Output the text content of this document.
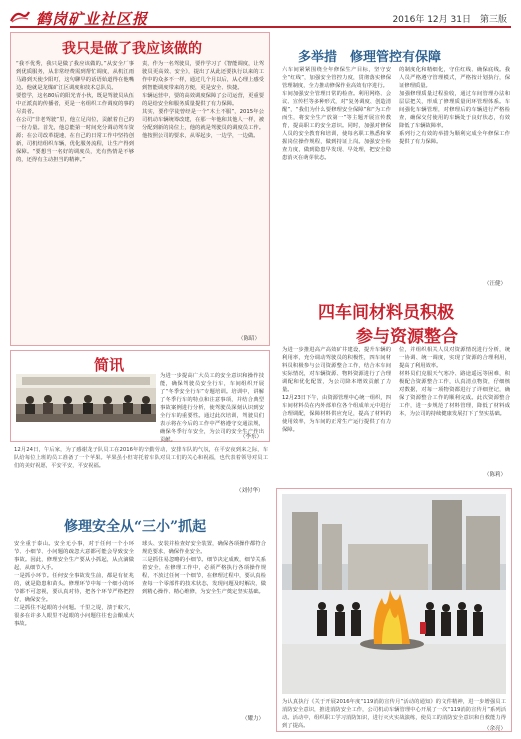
鹤岗矿业社区报	2016年 12月 31日　 第三版
我只是做了我应该做的
“我不优秀，我只是做了我应该做的。”从安全厂事到优质服务，从非常经费需到帮忙调度，从机江雨马路到天使少阳叮，这句聊早的话语始道得在他嘴边。他就是龙煤矿江区调度和技术总队员。
要偿学，这名80后的阳光青小伙，既是驾驶员从伍中正派真的传播者，更是一名组织工作调度的事的尽责者。
在公司“非老驾驶”里，他立足岗位，贡献着自己的一份力量。首先，他总能第一时间充分调动驾车资源；在公司改革提速，在自己的日常工作中坚持创新，司机结组织车辆，优化服务流程，让生产得到保障。“要想当一名好的调度员，光有热情是不够的，还得有主动担当的精神。”
责，作为一名驾驶员，要作学习了《智能调度，让驾驶员更高效、安全》，提出了从此还要执行以来的工作中的众多不一样，通过几个月以后，从心理上感受到智能调度带来的方便，更是安全、快捷。
车辆运营中，要的高效调度保障了公司运营，更重要的是给安全和服务质量提供了有力保障。
其实，要作学徒曾经是一个“木土不服”，2015年公司机动车辆统筹改建，在那一年他和其他人一样，被分配到新的岗位上，他的就是驾驶员的调度员工作。他按照公司的要求，从零起步，一边学，一边做。
（陈昭）
多举措　修理管控有保障
六车间紧紧围绕全年修保生产目标，坚守安全“红线”，加强安全管控力度，贯彻落实修保管理制度，全力推动修保作业高效有序进行。
车间加强安全管理日常的检查。利用网络、会议、宣传栏等多种形式，对“复务调度、创造清醒”，“我们为什么要修理安全保障”和“为工作而生，将安全生产放第一”等主题开展宣传教育，提高职工的安全意识。同时，加强对修保人员的安全教育和培训，使每名职工熟悉和掌握岗位操作规程，做到持证上岗。加强安全检查力度，做到隐患早发现、早处理，把安全隐患消灭在萌芽状态。
的制度化和精细化，守住红线、确保底线。我人员严格遵守管理模式，严格按计划执行，保证修理质量。
加强修理质量过程验收，通过车间管理办法和层层把关，形成了修理质量闭环管理体系。车间强化车辆管理，对修理后的车辆进行严格检查，确保交付使用的车辆处于良好状态，有效降低了车辆故障率。
系列行之有效的举措为顺利完成全年修保工作提供了有力保障。
（汪健）
四车间材料员积极
参与资源整合
简讯
为进一步提高广大员工的安全意识和操作技能，确保驾驶员安全行车，车间组织开展了“冬季安全行车”专题培训。培训中，讲解了冬季行车的特点和注意事项，并结合典型事故案例进行分析，使驾驶员深刻认识到安全行车的重要性。通过此次培训，驾驶员们表示将在今后的工作中严格遵守交通法规，确保冬季行车安全，为公司的安全生产作出贡献。	（李东）
12月24日，午后家，为了感谢龙子队员工在2016年的辛勤劳动，安排车队的气氛，在平安夜到来之际，车队给每位上班的员工准备了一个苹果。苹果虽小但寄托着车队对员工们的关心和祝福，也代表着领导对员工们的美好祝愿，平安平安，平安祝福。
（刘付华）
为进一步推进高产高效矿井建设，提升车辆的利用率，充分调动驾驶员的积极性，四车间材料员积极参与公司资源整合工作，结合本车间实际情况，对车辆资源、物料资源进行了合理调配和优化配置，为公司降本增效贡献了力量。
12月23日下午，由资源管理中心统一组织，四车间材料员在内外部单位各个组成单元中进行合理调配，保障材料供应充足，提高了材料的使用效率，为车间的正常生产运行提供了有力保障。
位，并组织相关人员对资源情况进行分析，统一协调、统一调度，实现了资源的合理利用，提高了利用效率。
材料员们克服天气寒冷、路途遥远等困难，积极配合资源整合工作，认真清点物资，仔细核对数据，对每一项物资都进行了详细登记，确保了资源整合工作的顺利完成。此次资源整合工作，进一步规范了材料管理，降低了材料成本，为公司的持续健康发展打下了坚实基础。
（陈莉）
修理安全从“三小”抓起
安全重于泰山。安全无小事，对于任何一个小环节、小细节、小问题的疏忽大意都可能会导致安全事故。因此，修理安全生产要从小抓起，从点滴做起，从细节入手。
一是抓小环节。任何安全事故发生前，都是有征兆的，就是隐患和苗头。修理环节中每一个细小的环节都不可忽视，要认真对待，把各个环节严格把控好，确保安全。
二是抓住不起眼的小问题。千里之堤，溃于蚁穴，很多在许多人眼里不起眼的小问题往往也会酿成大事故。
球头、安装并检查好安全装置，确保各项操作都符合规范要求，确保作业安全。
三是抓住易忽略的小细节。细节决定成败，细节关系着安全，在修理工作中，必须严格执行各项操作规程，不放过任何一个细节，在修理过程中，要认真检查每一个零部件的技术状态，发现问题及时解决，做到精心操作、精心维修，为安全生产奠定坚实基础。
（耀力）
为认真执行《关于开展2016年度“119消防宣传月”活动的通知》的文件精神，进一步增强员工消防安全意识，推进消防安全工作，公司机动车辆管理中心开展了一次“119消防宣传月”系列活动。活动中，组织职工学习消防知识，进行灭火实战演练，使员工的消防安全意识和自救能力得到了提高。	（余亮）
